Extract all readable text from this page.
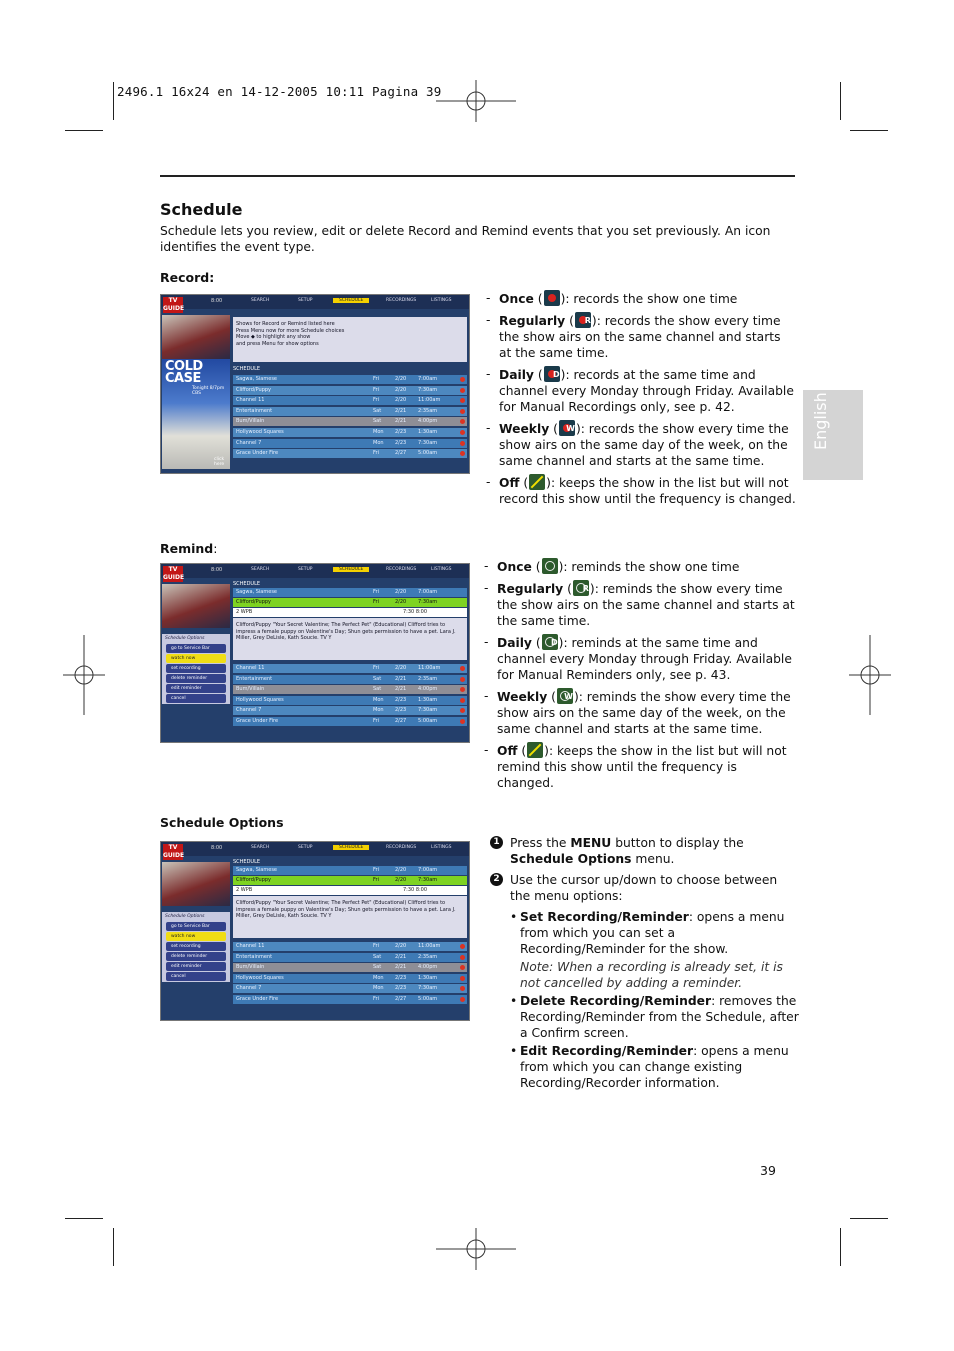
2496.1 16x24 en 14-12-2005 10:11 Pagina 39
Schedule
Schedule lets you review, edit or delete Record and Remind events that you set previously. An icon identifies the event type.
English
Record:
TV GUIDE
8:00	SEARCH	SETUP	SCHEDULE	RECORDINGS	LISTINGS
COLD CASE
Tonight 8/7pm CBS
click here
Shows for Record or Remind listed here
Press Menu now for more Schedule choices
Move ◆ to highlight any show
and press Menu for show options
SCHEDULE
Sagwa, Siamese	Fri	2/20 7:00am
Clifford/Puppy	Fri	2/20 7:30am
Channel 11	Fri	2/20 11:00am
Entertainment	Sat	2/21 2:35am
Bum/Villain	Sat	2/21 4:00pm
Hollywood Squares	Mon 2/23 1:30am
Channel 7	Mon 2/23 7:30am
Grace Under Fire	Fri	2/27 5:00am
- Once ( ): records the show one time
- Regularly ( R ): records the show every time the show airs on the same channel and starts at the same time.
- Daily ( D ): records at the same time and channel every Monday through Friday. Available for Manual Recordings only, see p. 42.
- Weekly ( W ): records the show every time the show airs on the same day of the week, on the same channel and starts at the same time.
- Off ( ): keeps the show in the list but will not record this show until the frequency is changed.
Remind:
TV GUIDE
8:00	SEARCH	SETUP	SCHEDULE	RECORDINGS	LISTINGS
Schedule Options
go to Service Bar
watch now
set recording
delete reminder
edit reminder
cancel
SCHEDULE
Sagwa, Siamese	Fri	2/20 7:00am
Clifford/Puppy	Fri	2/20 7:30am
2 WPB	7:30 8:00
Clifford/Puppy "Your Secret Valentine; The Perfect Pet" (Educational) Clifford tries to impress a female puppy on Valentine's Day; Shun gets permission to have a pet. Lara J. Miller, Grey DeLisle, Kath Soucie. TV Y
Channel 11	Fri	2/20 11:00am
Entertainment	Sat	2/21 2:35am
Bum/Villain	Sat	2/21 4:00pm
Hollywood Squares	Mon 2/23 1:30am
Channel 7	Mon 2/23 7:30am
Grace Under Fire	Fri	2/27 5:00am
- Once ( ): reminds the show one time
- Regularly ( R ): reminds the show every time the show airs on the same channel and starts at the same time.
- Daily ( D ): reminds at the same time and channel every Monday through Friday. Available for Manual Reminders only, see p. 43.
- Weekly ( W ): reminds the show every time the show airs on the same day of the week, on the same channel and starts at the same time.
- Off ( ): keeps the show in the list but will not remind this show until the frequency is changed.
Schedule Options
TV GUIDE
8:00	SEARCH	SETUP	SCHEDULE	RECORDINGS	LISTINGS
Schedule Options
go to Service Bar
watch now
set recording
delete reminder
edit reminder
cancel
SCHEDULE
Sagwa, Siamese	Fri	2/20 7:00am
Clifford/Puppy	Fri	2/20 7:30am
2 WPB	7:30 8:00
Clifford/Puppy "Your Secret Valentine; The Perfect Pet" (Educational) Clifford tries to impress a female puppy on Valentine's Day; Shun gets permission to have a pet. Lara J. Miller, Grey DeLisle, Kath Soucie. TV Y
Channel 11	Fri	2/20 11:00am
Entertainment	Sat	2/21 2:35am
Bum/Villain	Sat	2/21 4:00pm
Hollywood Squares	Mon 2/23 1:30am
Channel 7	Mon 2/23 7:30am
Grace Under Fire	Fri	2/27 5:00am
1 Press the MENU button to display the Schedule Options menu.
2 Use the cursor up/down to choose between the menu options:
• Set Recording/Reminder: opens a menu from which you can set a Recording/Reminder for the show.
Note: When a recording is already set, it is not cancelled by adding a reminder.
• Delete Recording/Reminder: removes the Recording/Reminder from the Schedule, after a Confirm screen.
• Edit Recording/Reminder: opens a menu from which you can change existing Recording/Recorder information.
39
